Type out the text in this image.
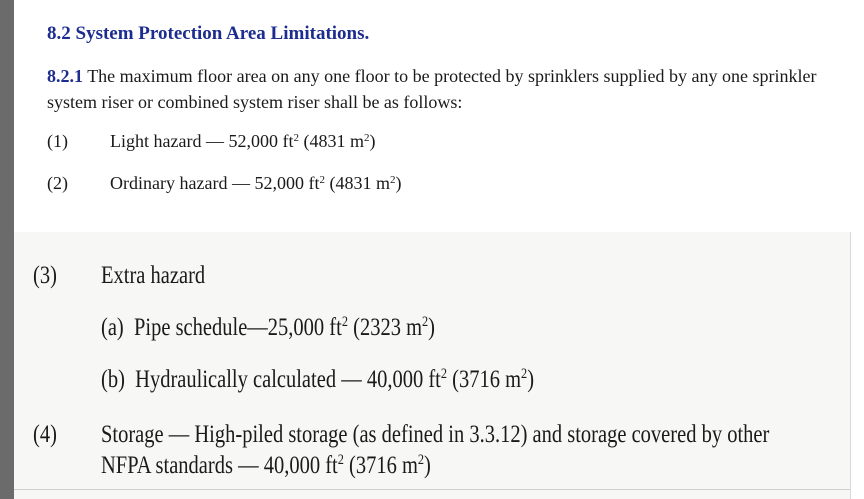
8.2 System Protection Area Limitations.
8.2.1 The maximum floor area on any one floor to be protected by sprinklers supplied by any one sprinkler system riser or combined system riser shall be as follows:
(1) Light hazard — 52,000 $ft^2$ (4831 $m^2$)
(2) Ordinary hazard — 52,000 $ft^2$ (4831 $m^2$)
(3) Extra hazard
(a) Pipe schedule—25,000 $ft^2$ (2323 $m^2$)
(b) Hydraulically calculated — 40,000 $ft^2$ (3716 $m^2$)
(4) Storage — High-piled storage (as defined in 3.3.12) and storage covered by other
NFPA standards — 40,000 $ft^2$ (3716 $m^2$)
